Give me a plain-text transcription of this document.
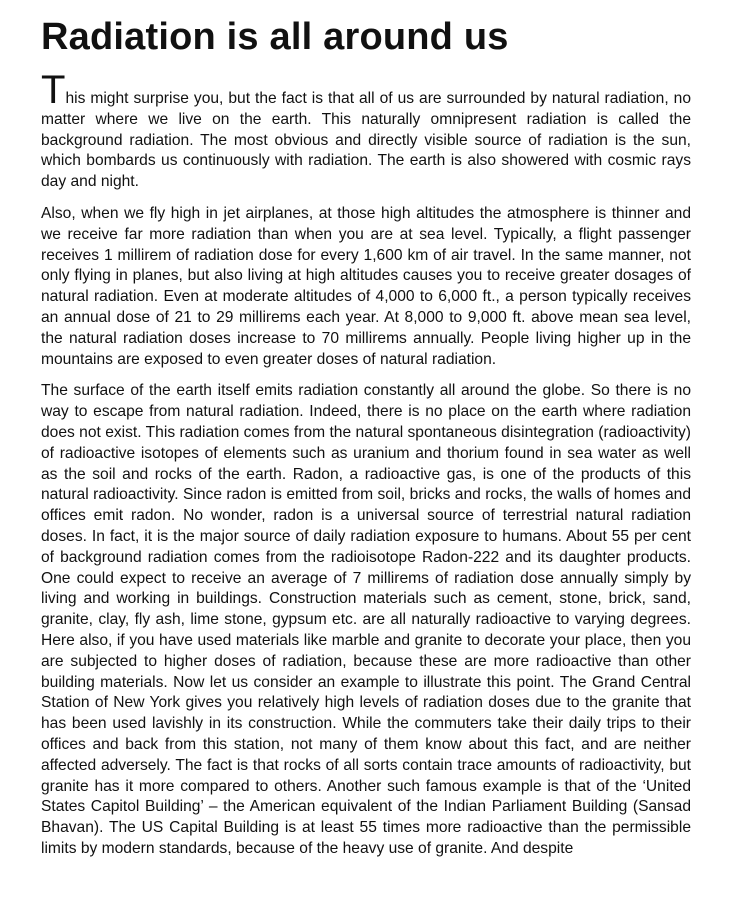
Radiation is all around us

This might surprise you, but the fact is that all of us are surrounded by natural radiation, no matter where we live on the earth. This naturally omnipresent radiation is called the background radiation. The most obvious and directly visible source of radiation is the sun, which bombards us continuously with radiation. The earth is also showered with cosmic rays day and night.

Also, when we fly high in jet airplanes, at those high altitudes the atmosphere is thinner and we receive far more radiation than when you are at sea level. Typically, a flight passenger receives 1 millirem of radiation dose for every 1,600 km of air travel. In the same manner, not only flying in planes, but also living at high altitudes causes you to receive greater dosages of natural radiation. Even at moderate altitudes of 4,000 to 6,000 ft., a person typically receives an annual dose of 21 to 29 millirems each year. At 8,000 to 9,000 ft. above mean sea level, the natural radiation doses increase to 70 millirems annually. People living higher up in the mountains are exposed to even greater doses of natural radiation.

The surface of the earth itself emits radiation constantly all around the globe. So there is no way to escape from natural radiation. Indeed, there is no place on the earth where radiation does not exist. This radiation comes from the natural spontaneous disintegration (radioactivity) of radioactive isotopes of elements such as uranium and thorium found in sea water as well as the soil and rocks of the earth. Radon, a radioactive gas, is one of the products of this natural radioactivity. Since radon is emitted from soil, bricks and rocks, the walls of homes and offices emit radon. No wonder, radon is a universal source of terrestrial natural radiation doses. In fact, it is the major source of daily radiation exposure to humans. About 55 per cent of background radiation comes from the radioisotope Radon-222 and its daughter products. One could expect to receive an average of 7 millirems of radiation dose annually simply by living and working in buildings. Construction materials such as cement, stone, brick, sand, granite, clay, fly ash, lime stone, gypsum etc. are all naturally radioactive to varying degrees. Here also, if you have used materials like marble and granite to decorate your place, then you are subjected to higher doses of radiation, because these are more radioactive than other building materials. Now let us consider an example to illustrate this point. The Grand Central Station of New York gives you relatively high levels of radiation doses due to the granite that has been used lavishly in its construction. While the commuters take their daily trips to their offices and back from this station, not many of them know about this fact, and are neither affected adversely. The fact is that rocks of all sorts contain trace amounts of radioactivity, but granite has it more compared to others. Another such famous example is that of the ‘United States Capitol Building’ – the American equivalent of the Indian Parliament Building (Sansad Bhavan). The US Capital Building is at least 55 times more radioactive than the permissible limits by modern standards, because of the heavy use of granite. And despite
